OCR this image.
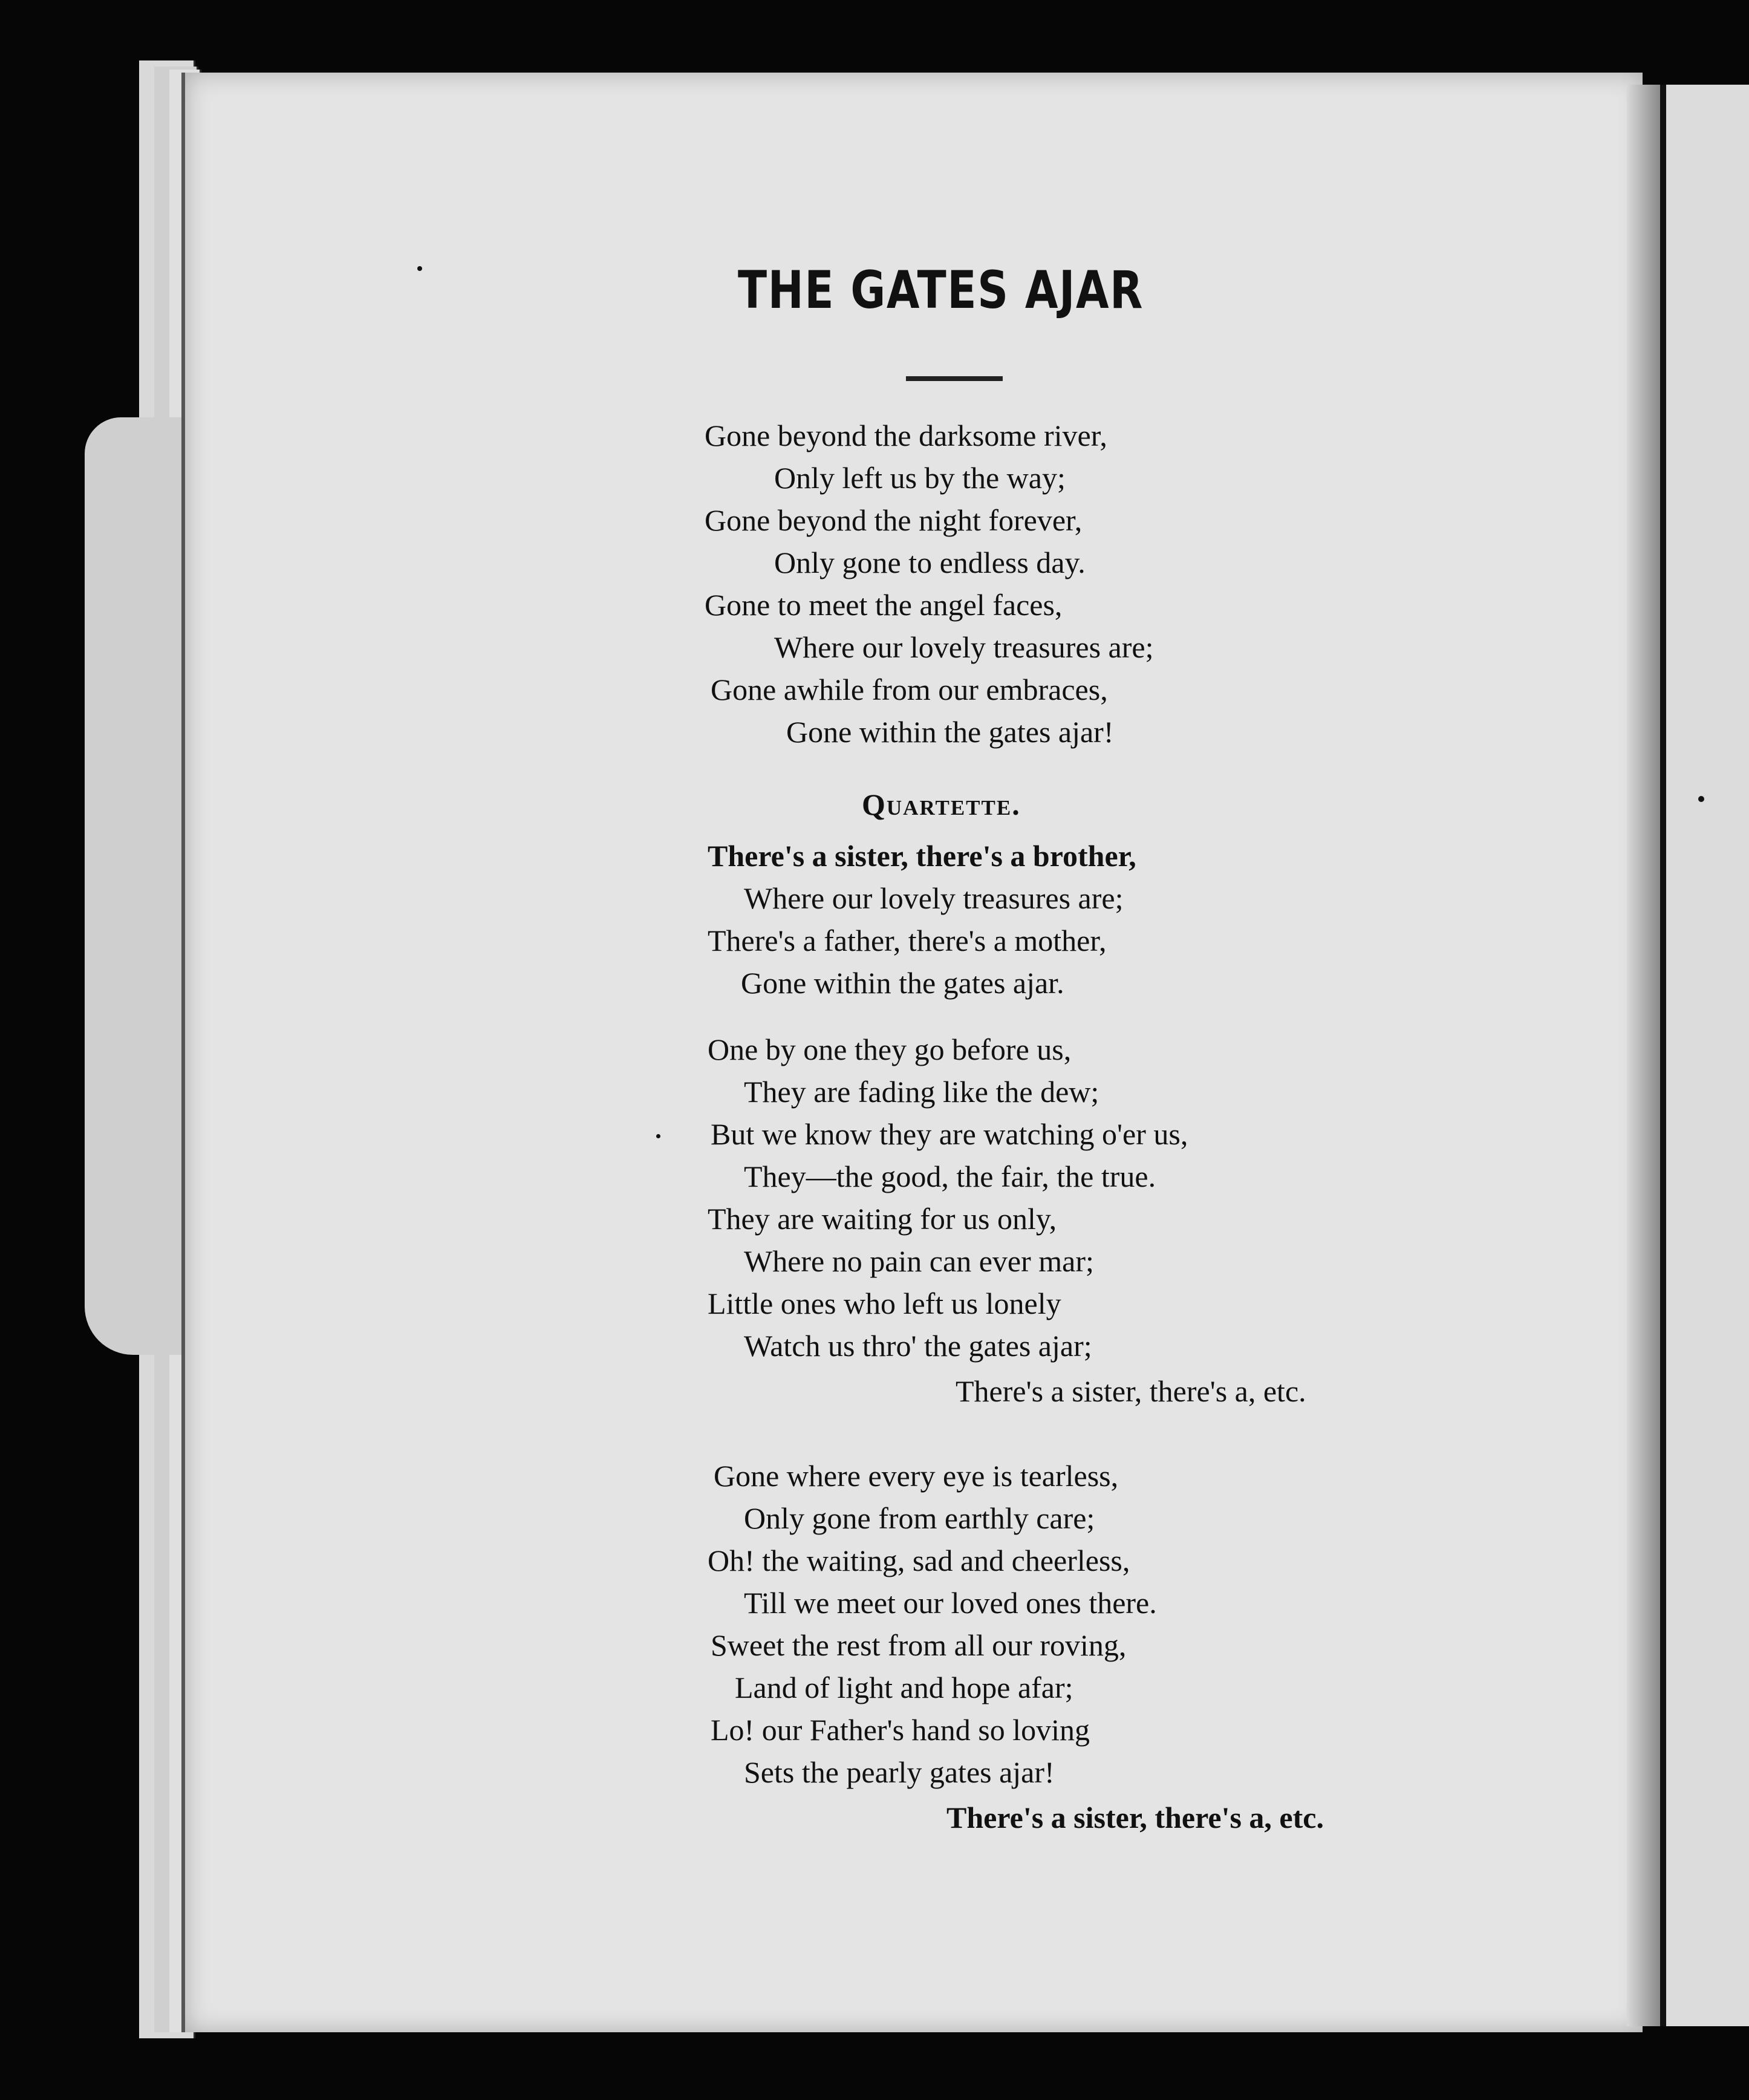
THE GATES AJAR
Gone beyond the darksome river,
Only left us by the way;
Gone beyond the night forever,
Only gone to endless day.
Gone to meet the angel faces,
Where our lovely treasures are;
Gone awhile from our embraces,
Gone within the gates ajar!
Quartette.
There's a sister, there's a brother,
Where our lovely treasures are;
There's a father, there's a mother,
Gone within the gates ajar.
One by one they go before us,
They are fading like the dew;
But we know they are watching o'er us,
They—the good, the fair, the true.
They are waiting for us only,
Where no pain can ever mar;
Little ones who left us lonely
Watch us thro' the gates ajar;
There's a sister, there's a, etc.
Gone where every eye is tearless,
Only gone from earthly care;
Oh! the waiting, sad and cheerless,
Till we meet our loved ones there.
Sweet the rest from all our roving,
Land of light and hope afar;
Lo! our Father's hand so loving
Sets the pearly gates ajar!
There's a sister, there's a, etc.
